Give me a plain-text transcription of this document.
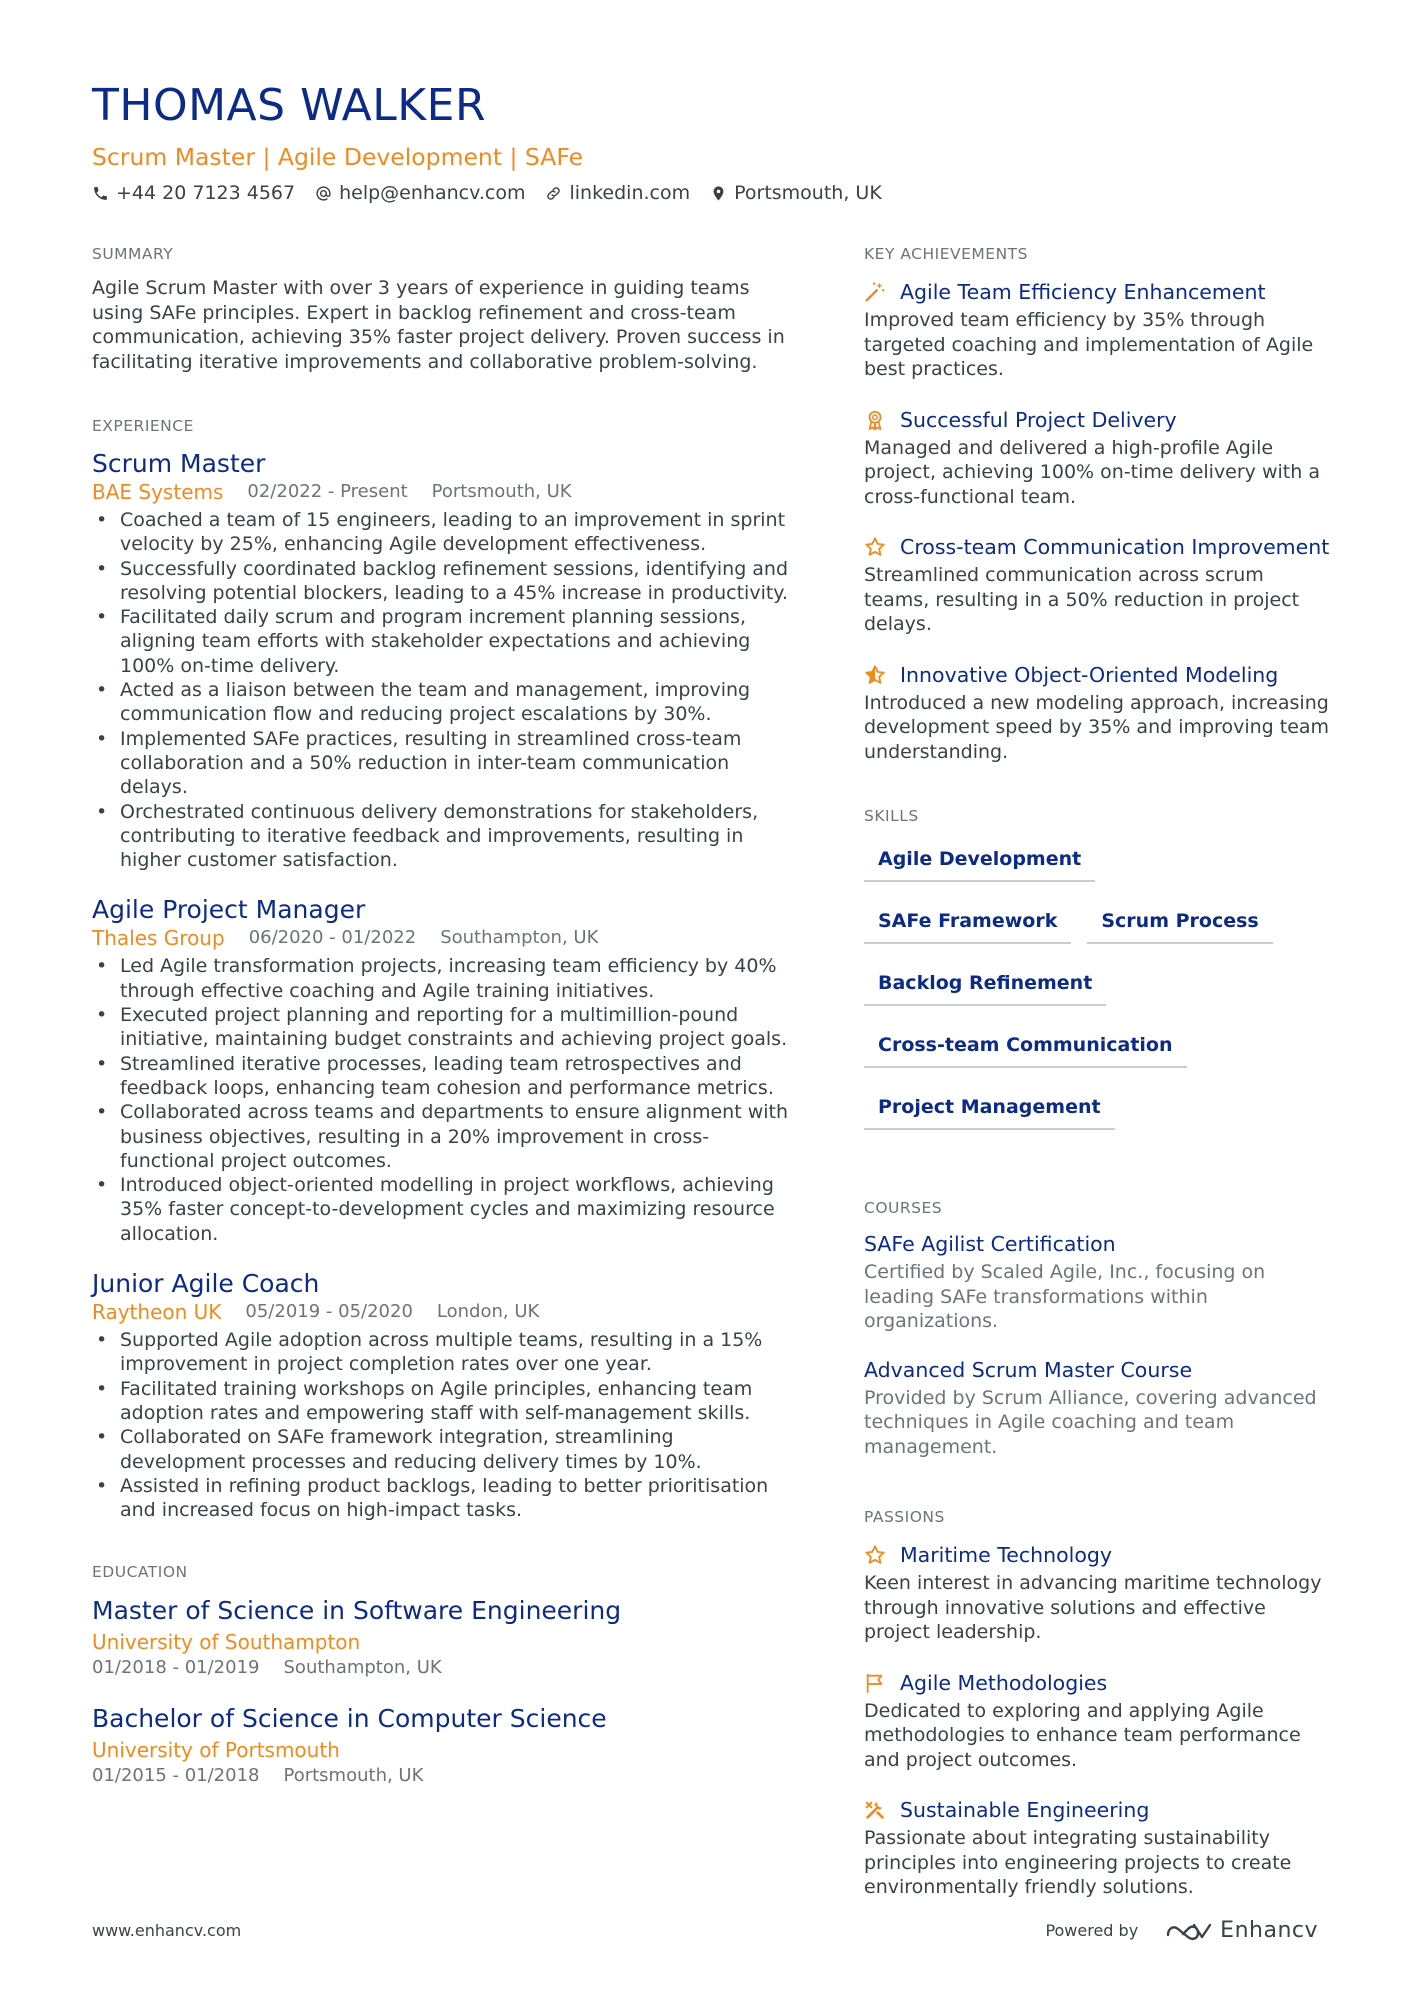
THOMAS WALKER
Scrum Master | Agile Development | SAFe
+44 20 7123 4567 help@enhancv.com linkedin.com Portsmouth, UK
SUMMARY
Agile Scrum Master with over 3 years of experience in guiding teams using SAFe principles. Expert in backlog refinement and cross-team communication, achieving 35% faster project delivery. Proven success in facilitating iterative improvements and collaborative problem-solving.
EXPERIENCE
Scrum Master
BAE Systems 02/2022 - Present Portsmouth, UK
• Coached a team of 15 engineers, leading to an improvement in sprint velocity by 25%, enhancing Agile development effectiveness.
• Successfully coordinated backlog refinement sessions, identifying and resolving potential blockers, leading to a 45% increase in productivity.
• Facilitated daily scrum and program increment planning sessions, aligning team efforts with stakeholder expectations and achieving 100% on-time delivery.
• Acted as a liaison between the team and management, improving communication flow and reducing project escalations by 30%.
• Implemented SAFe practices, resulting in streamlined cross-team collaboration and a 50% reduction in inter-team communication delays.
• Orchestrated continuous delivery demonstrations for stakeholders, contributing to iterative feedback and improvements, resulting in higher customer satisfaction.
Agile Project Manager
Thales Group 06/2020 - 01/2022 Southampton, UK
• Led Agile transformation projects, increasing team efficiency by 40% through effective coaching and Agile training initiatives.
• Executed project planning and reporting for a multimillion-pound initiative, maintaining budget constraints and achieving project goals.
• Streamlined iterative processes, leading team retrospectives and feedback loops, enhancing team cohesion and performance metrics.
• Collaborated across teams and departments to ensure alignment with business objectives, resulting in a 20% improvement in cross-functional project outcomes.
• Introduced object-oriented modelling in project workflows, achieving 35% faster concept-to-development cycles and maximizing resource allocation.
Junior Agile Coach
Raytheon UK 05/2019 - 05/2020 London, UK
• Supported Agile adoption across multiple teams, resulting in a 15% improvement in project completion rates over one year.
• Facilitated training workshops on Agile principles, enhancing team adoption rates and empowering staff with self-management skills.
• Collaborated on SAFe framework integration, streamlining development processes and reducing delivery times by 10%.
• Assisted in refining product backlogs, leading to better prioritisation and increased focus on high-impact tasks.
EDUCATION
Master of Science in Software Engineering
University of Southampton
01/2018 - 01/2019 Southampton, UK
Bachelor of Science in Computer Science
University of Portsmouth
01/2015 - 01/2018 Portsmouth, UK
KEY ACHIEVEMENTS
Agile Team Efficiency Enhancement
Improved team efficiency by 35% through targeted coaching and implementation of Agile best practices.
Successful Project Delivery
Managed and delivered a high-profile Agile project, achieving 100% on-time delivery with a cross-functional team.
Cross-team Communication Improvement
Streamlined communication across scrum teams, resulting in a 50% reduction in project delays.
Innovative Object-Oriented Modeling
Introduced a new modeling approach, increasing development speed by 35% and improving team understanding.
SKILLS
Agile Development
SAFe Framework	Scrum Process
Backlog Refinement
Cross-team Communication
Project Management
COURSES
SAFe Agilist Certification
Certified by Scaled Agile, Inc., focusing on leading SAFe transformations within organizations.
Advanced Scrum Master Course
Provided by Scrum Alliance, covering advanced techniques in Agile coaching and team management.
PASSIONS
Maritime Technology
Keen interest in advancing maritime technology through innovative solutions and effective project leadership.
Agile Methodologies
Dedicated to exploring and applying Agile methodologies to enhance team performance and project outcomes.
Sustainable Engineering
Passionate about integrating sustainability principles into engineering projects to create environmentally friendly solutions.
www.enhancv.com	Powered by	Enhancv
